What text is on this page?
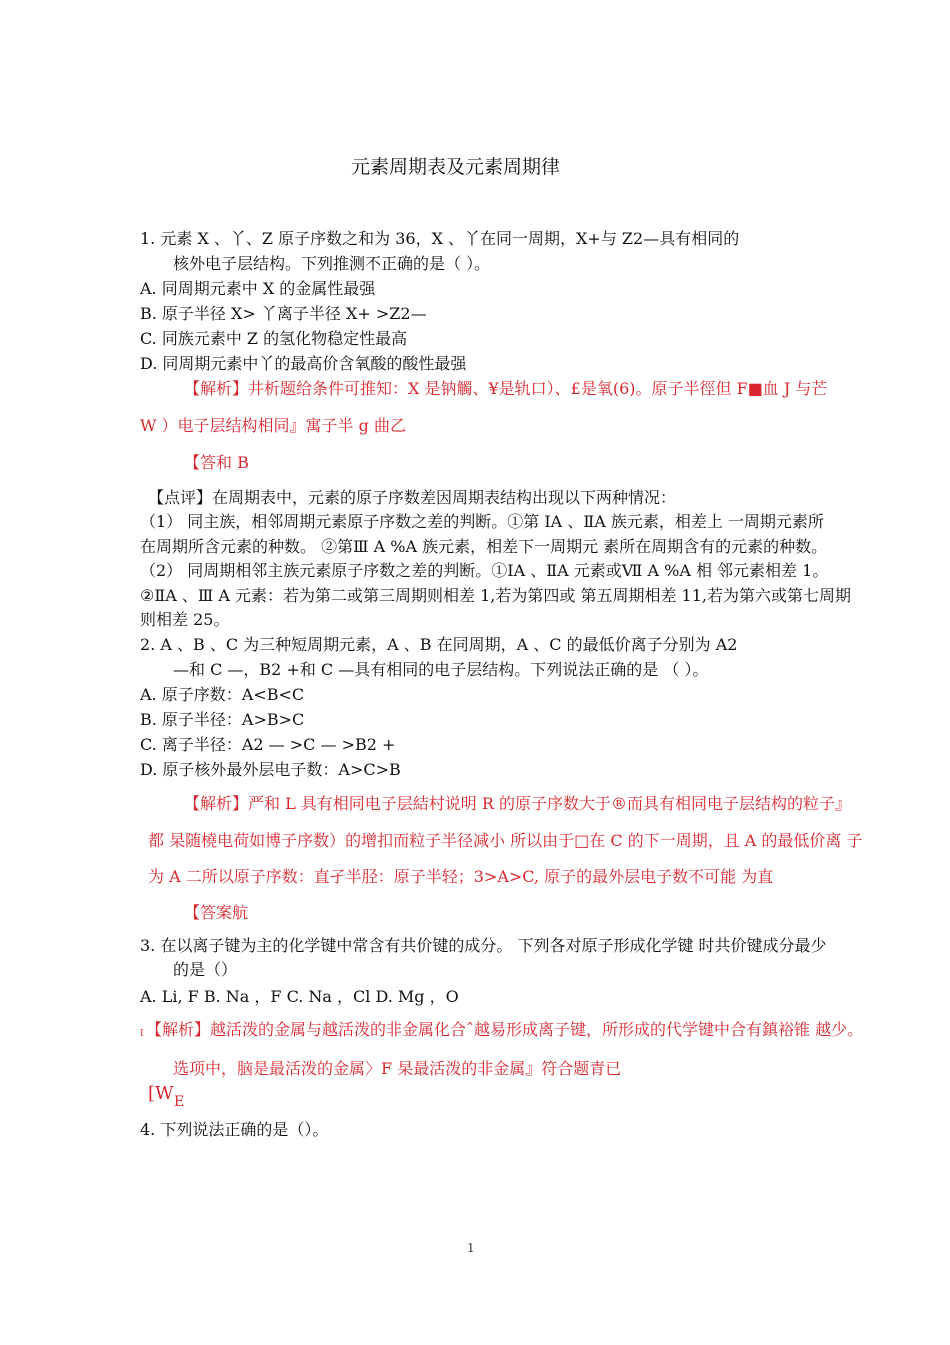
元素周期表及元素周期律
1. 元素 X 、丫、Z 原子序数之和为 36，X 、丫在同一周期，X+与 Z2—具有相同的
核外电子层结构。下列推测不正确的是（ ）。
A. 同周期元素中 X 的金属性最强
B. 原子半径 X> 丫离子半径 X+ >Z2—
C. 同族元素中 Z 的氢化物稳定性最高
D. 同周期元素中丫的最高价含氧酸的酸性最强
【解析】井析题给条件可推知：X 是钠觸、¥是轨口）、£是氧(6)。原子半徑但 F■血 J 与芒
W ）电子层结构相同』寓子半 g 曲乙
【答和 B
【点评】在周期表中，元素的原子序数差因周期表结构出现以下两种情况：
（1） 同主族，相邻周期元素原子序数之差的判断。①第 IA 、ⅡA 族元素，相差上 一周期元素所
在周期所含元素的种数。 ②第Ⅲ A %A 族元素，相差下一周期元 素所在周期含有的元素的种数。
（2） 同周期相邻主族元素原子序数之差的判断。①IA 、ⅡA 元素或Ⅶ A %A 相 邻元素相差 1。
②ⅡA 、Ⅲ A 元素：若为第二或第三周期则相差 1,若为第四或 第五周期相差 11,若为第六或第七周期
则相差 25。
2. A 、B 、C 为三种短周期元素，A 、B 在同周期，A 、C 的最低价离子分别为 A2
—和 C —，B2 +和 C —具有相同的电子层结构。下列说法正确的是 （ ）。
A. 原子序数：A<B<C
B. 原子半径：A>B>C
C. 离子半径：A2 — >C — >B2 +
D. 原子核外最外层电子数：A>C>B
【解析】严和 L 具有相同电子层結村说明 R 的原子序数大于®而具有相同电子层结构的粒子』
都 杲随橈电荷如博子序数）的增扣而粒子半径减小 所以由于□在 C 的下一周期，且 A 的最低价离 子
为 A 二所以原子序数：直孑半胫：原子半轻；3>A>C, 原子的最外层电子数不可能 为直
【答案航
3. 在以离子键为主的化学键中常含有共价键的成分。 下列各对原子形成化学键 时共价键成分最少
的是（）
A. Li, F B. Na ，F C. Na ，Cl D. Mg ，O
I 【解析】越活泼的金属与越活泼的非金属化合ˆ越易形成离子键，所形成的代学键中合有鎮裕锥 越少。
选项中，脑是最活泼的金属〉F 杲最活泼的非金属』符合题青已
[W E
4. 下列说法正确的是（）。
1
